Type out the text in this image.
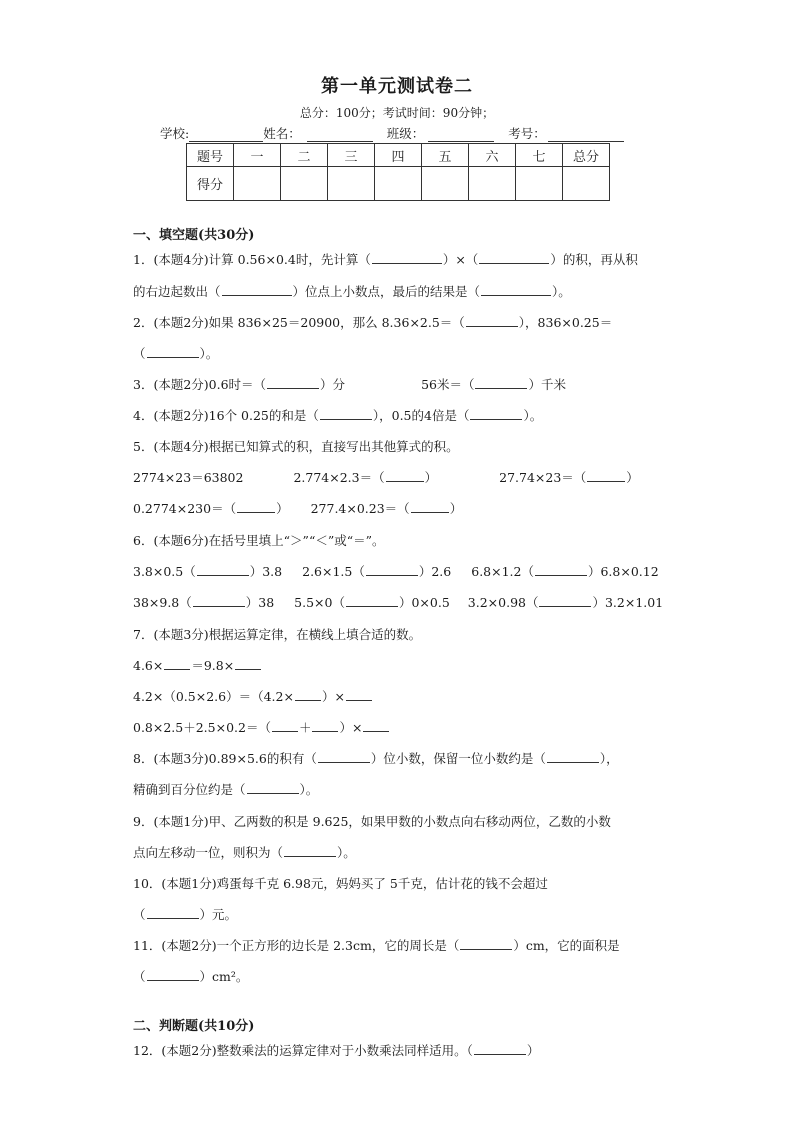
第一单元测试卷二
总分：100分；考试时间：90分钟；
学校:	姓名：	班级：	考号：
题号	一	二	三	四	五	六	七	总分
得分								
一、填空题(共30分)
1．(本题4分)计算 0.56×0.4时，先计算（	）×（	）的积，再从积
的右边起数出（	）位点上小数点，最后的结果是（	）。
2．(本题2分)如果 836×25＝20900，那么 8.36×2.5＝（	），836×0.25＝
（	）。
3．(本题2分)0.6时＝（	）分	56米＝（	）千米
4．(本题2分)16个 0.25的和是（	），0.5的4倍是（	）。
5．(本题4分)根据已知算式的积，直接写出其他算式的积。
2774×23＝63802	2.774×2.3＝（	）	27.74×23＝（	）
0.2774×230＝（	） 277.4×0.23＝（	）
6．(本题6分)在括号里填上“＞”“＜”或“＝”。
3.8×0.5（	）3.8 2.6×1.5（	）2.6 6.8×1.2（	）6.8×0.12
38×9.8（	）38 5.5×0（	）0×0.5 3.2×0.98（	）3.2×1.01
7．(本题3分)根据运算定律，在横线上填合适的数。
4.6× ＝9.8×
4.2×（0.5×2.6）＝（4.2× ）×
0.8×2.5＋2.5×0.2＝（ ＋ ）×
8．(本题3分)0.89×5.6的积有（	）位小数，保留一位小数约是（	），
精确到百分位约是（	）。
9．(本题1分)甲、乙两数的积是 9.625，如果甲数的小数点向右移动两位，乙数的小数
点向左移动一位，则积为（	）。
10．(本题1分)鸡蛋每千克 6.98元，妈妈买了 5千克，估计花的钱不会超过
（	）元。
11．(本题2分)一个正方形的边长是 2.3cm，它的周长是（	）cm，它的面积是
（	）cm²。
二、判断题(共10分)
12．(本题2分)整数乘法的运算定律对于小数乘法同样适用。（	）
